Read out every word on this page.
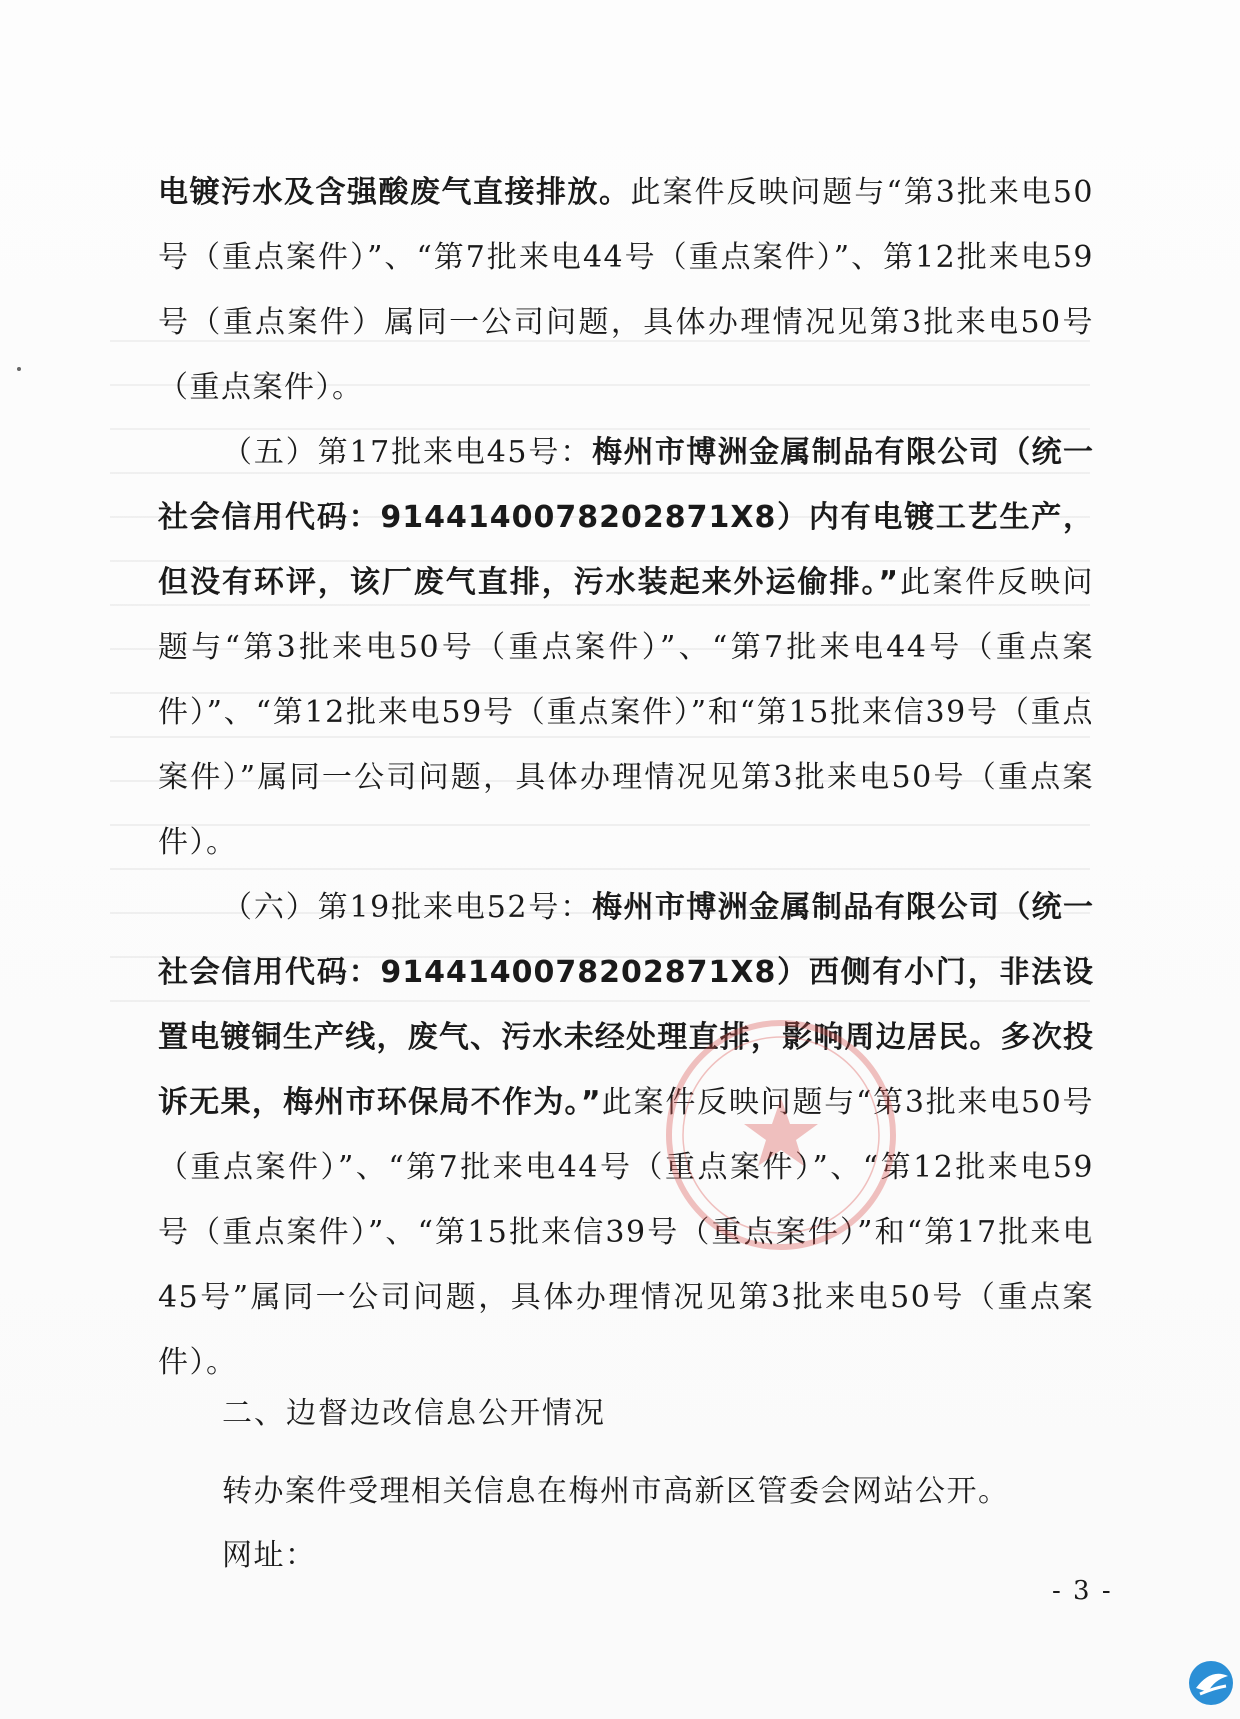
电镀污水及含强酸废气直接排放。此案件反映问题与“第3批来电50号（重点案件）”、“第7批来电44号（重点案件）”、第12批来电59号（重点案件）属同一公司问题，具体办理情况见第3批来电50号（重点案件）。

（五）第17批来电45号：梅州市博洲金属制品有限公司（统一社会信用代码：9144140078202871X8）内有电镀工艺生产，但没有环评，该厂废气直排，污水装起来外运偷排。”此案件反映问题与“第3批来电50号（重点案件）”、“第7批来电44号（重点案件）”、“第12批来电59号（重点案件）”和“第15批来信39号（重点案件）”属同一公司问题，具体办理情况见第3批来电50号（重点案件）。

（六）第19批来电52号：梅州市博洲金属制品有限公司（统一社会信用代码：9144140078202871X8）西侧有小门，非法设置电镀铜生产线，废气、污水未经处理直排，影响周边居民。多次投诉无果，梅州市环保局不作为。”此案件反映问题与“第3批来电50号（重点案件）”、“第7批来电44号（重点案件）”、“第12批来电59号（重点案件）”、“第15批来信39号（重点案件）”和“第17批来电45号”属同一公司问题，具体办理情况见第3批来电50号（重点案件）。

二、边督边改信息公开情况
转办案件受理相关信息在梅州市高新区管委会网站公开。
网址：
- 3 -
